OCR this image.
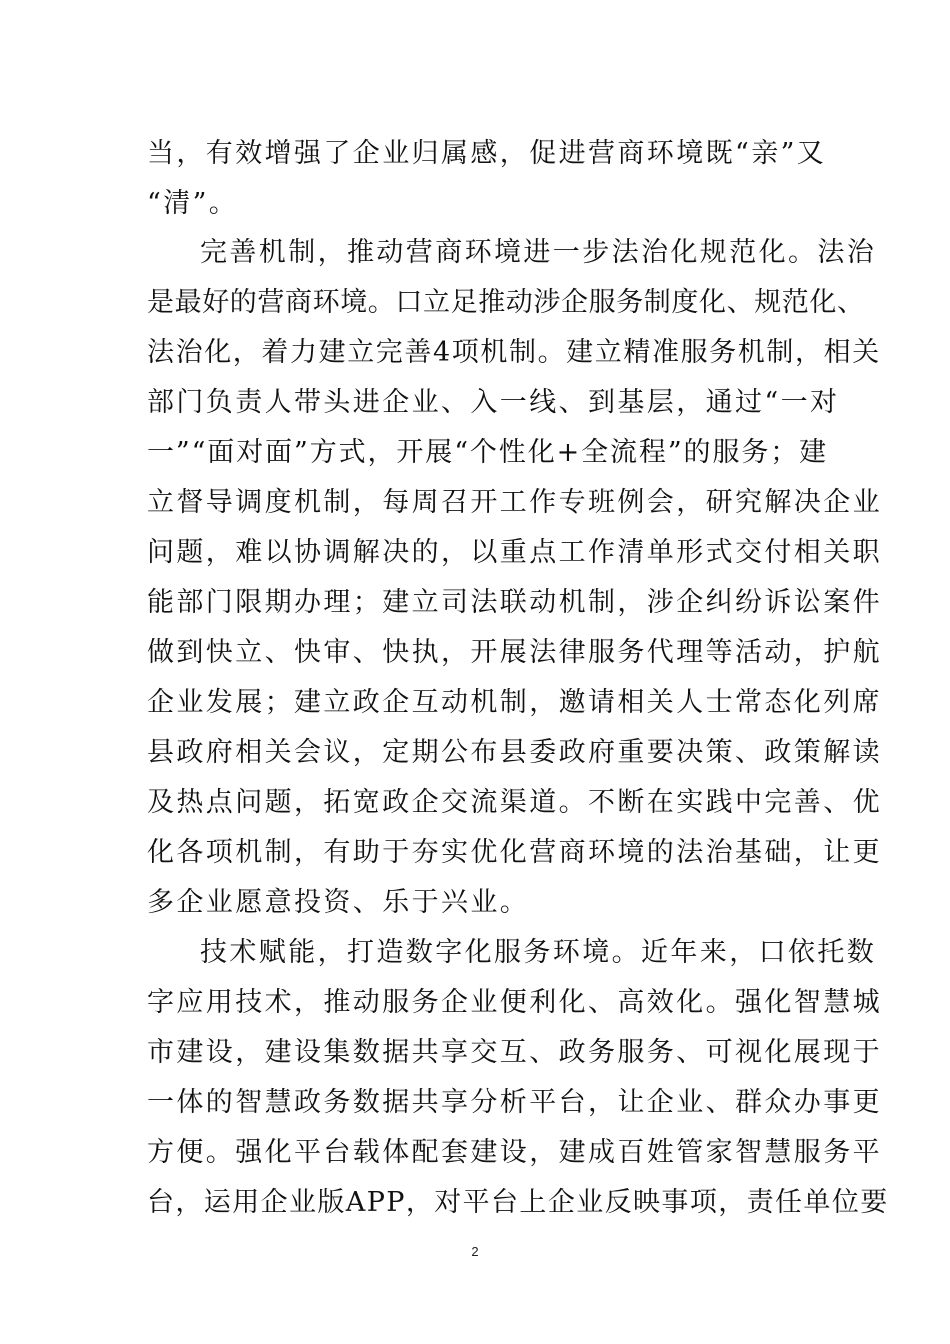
当，有效增强了企业归属感，促进营商环境既“亲”又
“清”。
完善机制，推动营商环境进一步法治化规范化。法治
是最好的营商环境。口立足推动涉企服务制度化、规范化、
法治化，着力建立完善4项机制。建立精准服务机制，相关
部门负责人带头进企业、入一线、到基层，通过“一对
一”“面对面”方式，开展“个性化+全流程”的服务；建
立督导调度机制，每周召开工作专班例会，研究解决企业
问题，难以协调解决的，以重点工作清单形式交付相关职
能部门限期办理；建立司法联动机制，涉企纠纷诉讼案件
做到快立、快审、快执，开展法律服务代理等活动，护航
企业发展；建立政企互动机制，邀请相关人士常态化列席
县政府相关会议，定期公布县委政府重要决策、政策解读
及热点问题，拓宽政企交流渠道。不断在实践中完善、优
化各项机制，有助于夯实优化营商环境的法治基础，让更
多企业愿意投资、乐于兴业。
技术赋能，打造数字化服务环境。近年来，口依托数
字应用技术，推动服务企业便利化、高效化。强化智慧城
市建设，建设集数据共享交互、政务服务、可视化展现于
一体的智慧政务数据共享分析平台，让企业、群众办事更
方便。强化平台载体配套建设，建成百姓管家智慧服务平
台，运用企业版APP，对平台上企业反映事项，责任单位要
2
